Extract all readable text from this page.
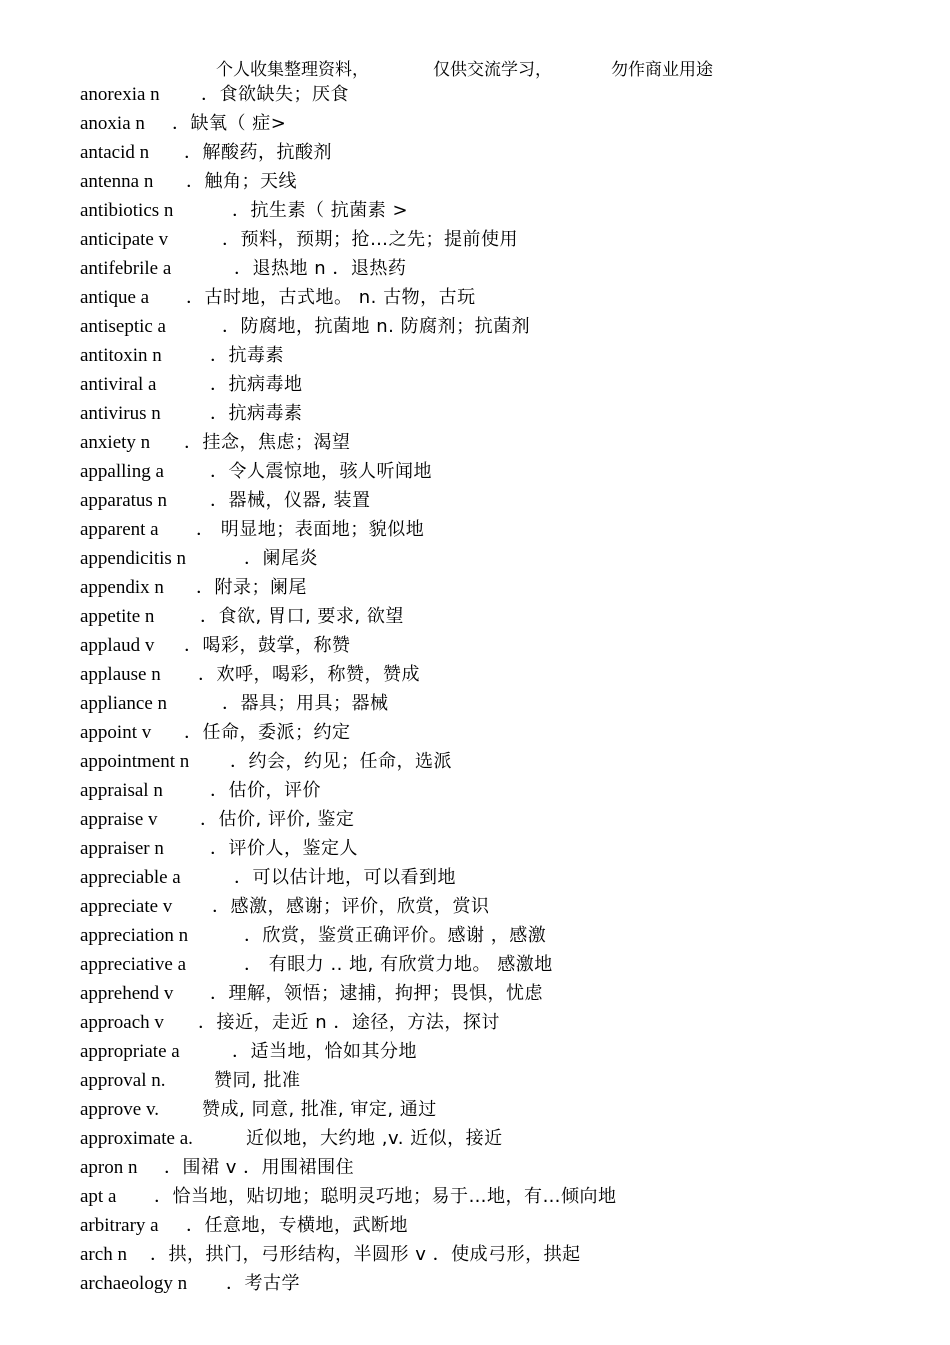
个人收集整理资料，	仅供交流学习，	勿作商业用途
anorexia n ．食欲缺失；厌食
anoxia n ．缺氧（ 症>
antacid n ．解酸药，抗酸剂
antenna n ．触角；天线
antibiotics n	．抗生素（ 抗菌素 >
anticipate v	．预料，预期；抢…之先；提前使用
antifebrile a	．退热地 n ．退热药
antique a ．古时地，古式地。 n. 古物，古玩
antiseptic a	．防腐地，抗菌地 n. 防腐剂；抗菌剂
antitoxin n	．抗毒素
antiviral a	．抗病毒地
antivirus n	．抗病毒素
anxiety n ．挂念，焦虑；渴望
appalling a	．令人震惊地，骇人听闻地
apparatus n ．器械，仪器, 装置
apparent a ． 明显地；表面地；貌似地
appendicitis n	．阑尾炎
appendix n ．附录；阑尾
appetite n	．食欲, 胃口, 要求, 欲望
applaud v ．喝彩，鼓掌，称赞
applause n ．欢呼，喝彩，称赞，赞成
appliance n	．器具；用具；器械
appoint v ．任命，委派；约定
appointment n ．约会，约见；任命，选派
appraisal n	．估价，评价
appraise v ．估价, 评价, 鉴定
appraiser n	．评价人，鉴定人
appreciable a	．可以估计地，可以看到地
appreciate v ．感激，感谢；评价，欣赏，赏识
appreciation n	．欣赏，鉴赏正确评价。感谢 ，感激
appreciative a	． 有眼力 .. 地, 有欣赏力地。 感激地
apprehend v ．理解，领悟；逮捕，拘押；畏惧，忧虑
approach v ．接近，走近 n ．途径，方法，探讨
appropriate a	．适当地，恰如其分地
approval n.	赞同, 批准
approve v. 赞成, 同意, 批准, 审定, 通过
approximate a.	近似地，大约地 ,v. 近似，接近
apron n ．围裙 v ．用围裙围住
apt a ．恰当地，贴切地；聪明灵巧地；易于…地，有…倾向地
arbitrary a ．任意地，专横地，武断地
arch n ．拱，拱门，弓形结构，半圆形 v ．使成弓形，拱起
archaeology n ．考古学
